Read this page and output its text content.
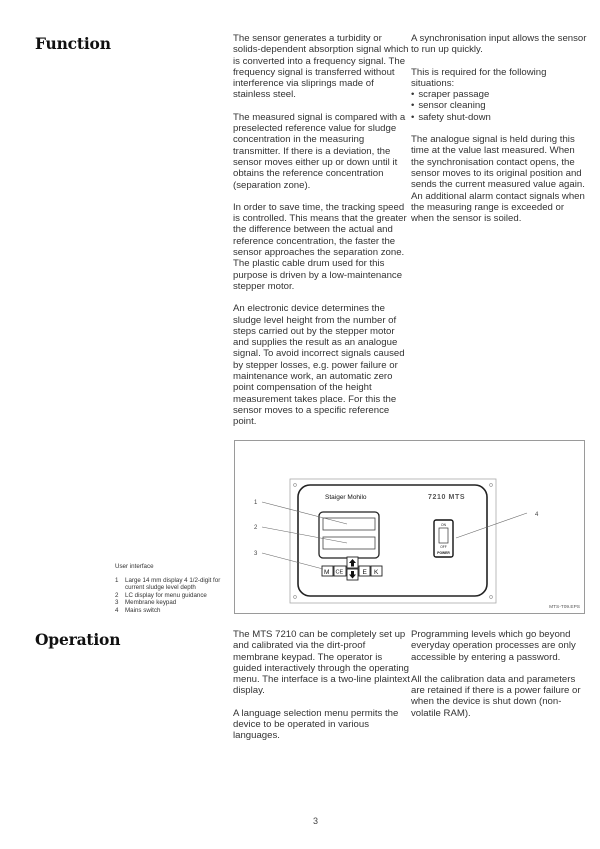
Function	The sensor generates a turbidity or solids-dependent absorption signal which is converted into a frequency signal. The frequency signal is transferred without interference via sliprings made of stainless steel.

The measured signal is compared with a preselected reference value for sludge concentration in the measuring transmitter. If there is a deviation, the sensor moves either up or down until it obtains the reference concentration (separation zone).

In order to save time, the tracking speed is controlled. This means that the greater the difference between the actual and reference concentration, the faster the sensor approaches the separation zone. The plastic cable drum used for this purpose is driven by a low-maintenance stepper motor.

An electronic device determines the sludge level height from the number of steps carried out by the stepper motor and supplies the result as an analogue signal. To avoid incorrect signals caused by stepper losses, e.g. power failure or maintenance work, an automatic zero point compensation of the height measurement takes place. For this the sensor moves to a specific reference point.

A synchronisation input allows the sensor to run up quickly.

This is required for the following situations:
• scraper passage
• sensor cleaning
• safety shut-down

The analogue signal is held during this time at the value last measured. When the synchronisation contact opens, the sensor moves to its original position and sends the current measured value again. An additional alarm contact signals when the measuring range is exceeded or when the sensor is soiled.

User interface
1	Large 14 mm display 4 1/2-digit for current sludge level depth
2	LC display for menu guidance
3	Membrane keypad
4	Mains switch
Staiger Mohilo	7210 MTS
M CE	E K
ON
OFF
POWER
1
2
3
4
MTS-T09.EPS
Operation	The MTS 7210 can be completely set up and calibrated via the dirt-proof membrane keypad. The operator is guided interactively through the operating menu. The interface is a two-line plaintext display.

A language selection menu permits the device to be operated in various languages.

Programming levels which go beyond everyday operation processes are only accessible by entering a password.

All the calibration data and parameters are retained if there is a power failure or when the device is shut down (non-volatile RAM).

3
